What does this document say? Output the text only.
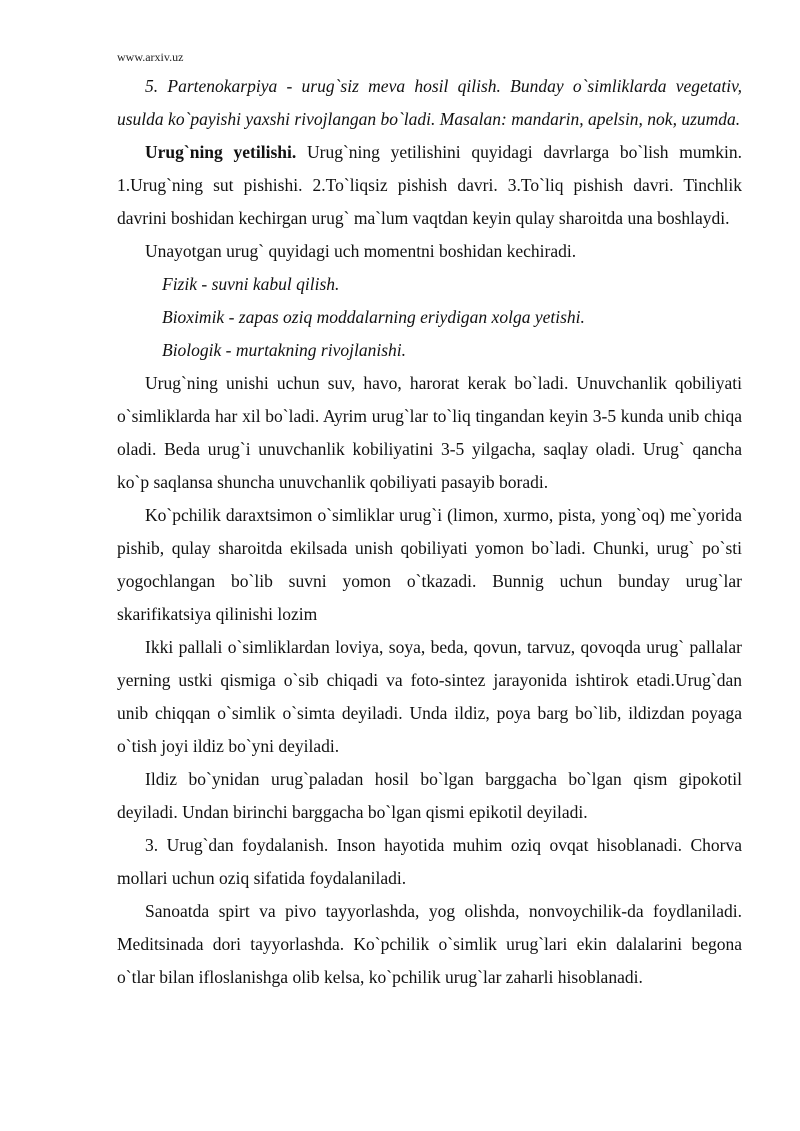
www.arxiv.uz

5. Partenokarpiya - urug`siz meva hosil qilish. Bunday o`simliklarda vegetativ, usulda ko`payishi yaxshi rivojlangan bo`ladi. Masalan: mandarin, apelsin, nok, uzumda.

Urug`ning yetilishi. Urug`ning yetilishini quyidagi davrlarga bo`lish mumkin. 1.Urug`ning sut pishishi. 2.To`liqsiz pishish davri. 3.To`liq pishish davri. Tinchlik davrini boshidan kechirgan urug` ma`lum vaqtdan keyin qulay sharoitda una boshlaydi.

Unayotgan urug` quyidagi uch momentni boshidan kechiradi.

Fizik - suvni kabul qilish.
Bioximik - zapas oziq moddalarning eriydigan xolga yetishi.
Biologik - murtakning rivojlanishi.

Urug`ning unishi uchun suv, havo, harorat kerak bo`ladi. Unuvchanlik qobiliyati o`simliklarda har xil bo`ladi. Ayrim urug`lar to`liq tingandan keyin 3-5 kunda unib chiqa oladi. Beda urug`i unuvchanlik kobiliyatini 3-5 yilgacha, saqlay oladi. Urug` qancha ko`p saqlansa shuncha unuvchanlik qobiliyati pasayib boradi.

Ko`pchilik daraxtsimon o`simliklar urug`i (limon, xurmo, pista, yong`oq) me`yorida pishib, qulay sharoitda ekilsada unish qobiliyati yomon bo`ladi. Chunki, urug` po`sti yogochlangan bo`lib suvni yomon o`tkazadi. Bunnig uchun bunday urug`lar skarifikatsiya qilinishi lozim

Ikki pallali o`simliklardan loviya, soya, beda, qovun, tarvuz, qovoqda urug` pallalar yerning ustki qismiga o`sib chiqadi va foto-sintez jarayonida ishtirok etadi.Urug`dan unib chiqqan o`simlik o`simta deyiladi. Unda ildiz, poya barg bo`lib, ildizdan poyaga o`tish joyi ildiz bo`yni deyiladi.

Ildiz bo`ynidan urug`paladan hosil bo`lgan barggacha bo`lgan qism gipokotil deyiladi. Undan birinchi barggacha bo`lgan qismi epikotil deyiladi.

3. Urug`dan foydalanish. Inson hayotida muhim oziq ovqat hisoblanadi. Chorva mollari uchun oziq sifatida foydalaniladi.

Sanoatda spirt va pivo tayyorlashda, yog olishda, nonvoychilik-da foydlaniladi. Meditsinada dori tayyorlashda. Ko`pchilik o`simlik urug`lari ekin dalalarini begona o`tlar bilan ifloslanishga olib kelsa, ko`pchilik urug`lar zaharli hisoblanadi.
